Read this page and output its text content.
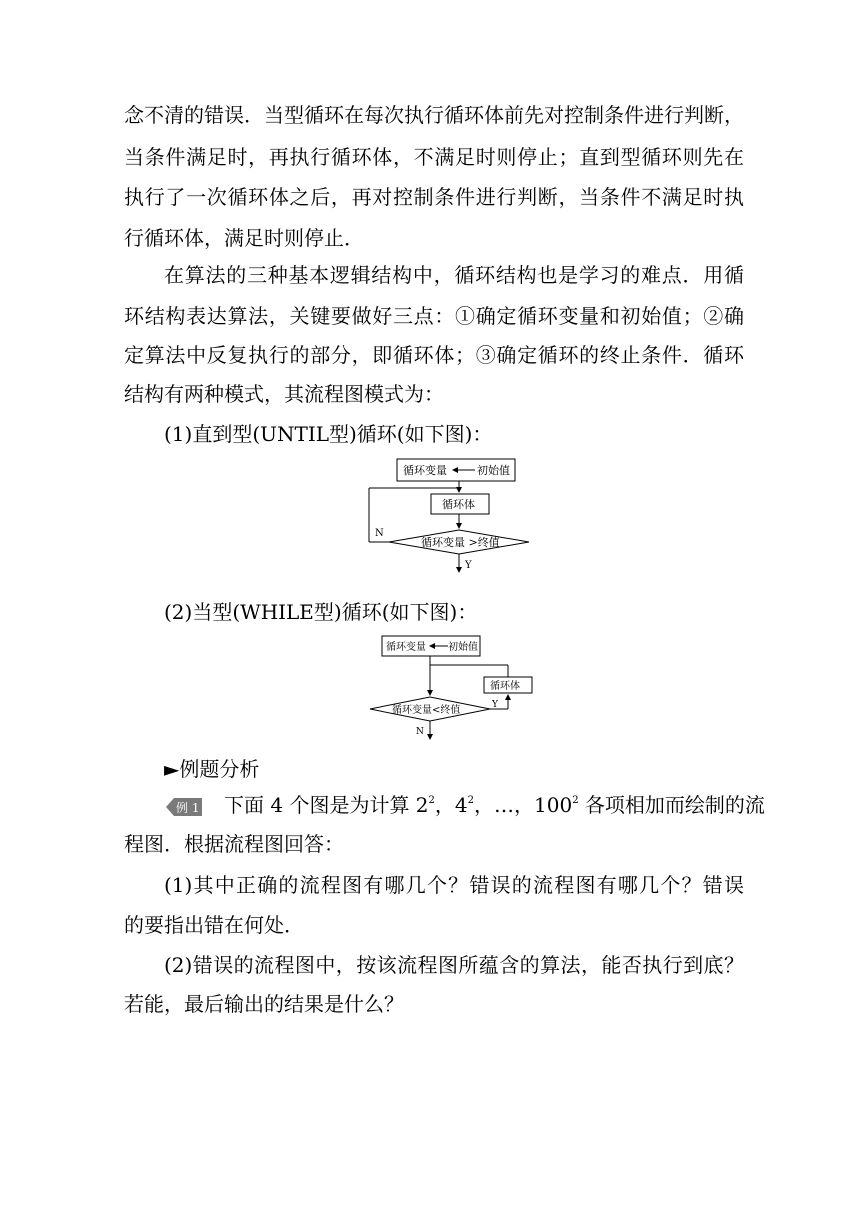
念不清的错误．当型循环在每次执行循环体前先对控制条件进行判断，
当条件满足时，再执行循环体，不满足时则停止；直到型循环则先在
执行了一次循环体之后，再对控制条件进行判断，当条件不满足时执
行循环体，满足时则停止．
在算法的三种基本逻辑结构中，循环结构也是学习的难点．用循
环结构表达算法，关键要做好三点：①确定循环变量和初始值；②确
定算法中反复执行的部分，即循环体；③确定循环的终止条件．循环
结构有两种模式，其流程图模式为：
(1)直到型(UNTIL型)循环(如下图)：
循环变量	初始值
循环体
循环变量 >终值
N
Y
(2)当型(WHILE型)循环(如下图)：
循环变量 初始值
循环体
循环变量<终值	Y
N
►例题分析
例 1 下面 4 个图是为计算 $2^2$，$4^2$，…，$100^2$ 各项相加而绘制的流
程图．根据流程图回答：
(1)其中正确的流程图有哪几个？错误的流程图有哪几个？错误
的要指出错在何处．
(2)错误的流程图中，按该流程图所蕴含的算法，能否执行到底？
若能，最后输出的结果是什么？
